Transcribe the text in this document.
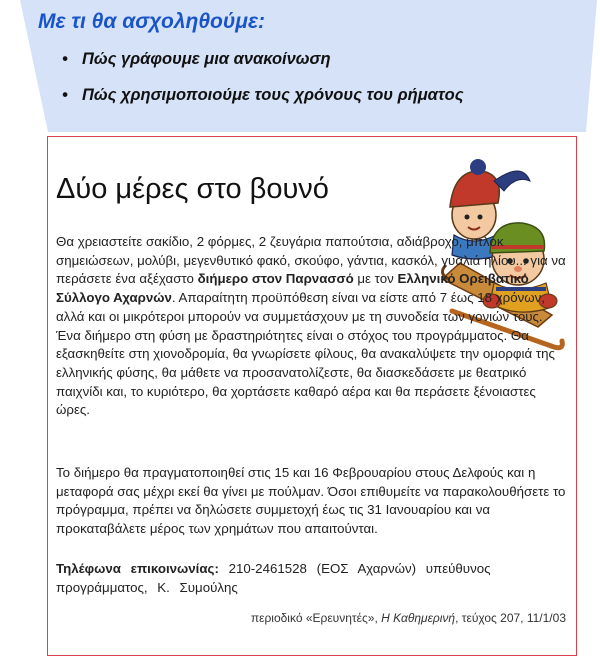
Με τι θα ασχοληθούμε:
• Πώς γράφουμε μια ανακοίνωση
• Πώς χρησιμοποιούμε τους χρόνους του ρήματος
Δύο μέρες στο βουνό
Θα χρειαστείτε σακίδιο, 2 φόρμες, 2 ζευγάρια παπούτσια, αδιάβροχο, μπλοκ σημειώσεων, μολύβι, μεγενθυτικό φακό, σκούφο, γάντια, κασκόλ, γυαλιά ηλίου... για να περάσετε ένα αξέχαστο διήμερο στον Παρνασσό με τον Ελληνικό Ορειβατικό Σύλλογο Αχαρνών. Απαραίτητη προϋπόθεση είναι να είστε από 7 έως 18 χρόνων, αλλά και οι μικρότεροι μπορούν να συμμετάσχουν με τη συνοδεία των γονιών τους. Ένα διήμερο στη φύση με δραστηριότητες είναι ο στόχος του προγράμματος. Θα εξασκηθείτε στη χιονοδρομία, θα γνωρίσετε φίλους, θα ανακαλύψετε την ομορφιά της ελληνικής φύσης, θα μάθετε να προσανατολίζεστε, θα διασκεδάσετε με θεατρικό παιχνίδι και, το κυριότερο, θα χορτάσετε καθαρό αέρα και θα περάσετε ξένοιαστες ώρες.

Το διήμερο θα πραγματοποιηθεί στις 15 και 16 Φεβρουαρίου στους Δελφούς και η μεταφορά σας μέχρι εκεί θα γίνει με πούλμαν. Όσοι επιθυμείτε να παρακολουθήσετε το πρόγραμμα, πρέπει να δηλώσετε συμμετοχή έως τις 31 Ιανουαρίου και να προκαταβάλετε μέρος των χρημάτων που απαιτούνται.

Τηλέφωνα επικοινωνίας: 210-2461528 (ΕΟΣ Αχαρνών) υπεύθυνος προγράμματος, Κ. Συμούλης

περιοδικό «Ερευνητές», Η Καθημερινή, τεύχος 207, 11/1/03
